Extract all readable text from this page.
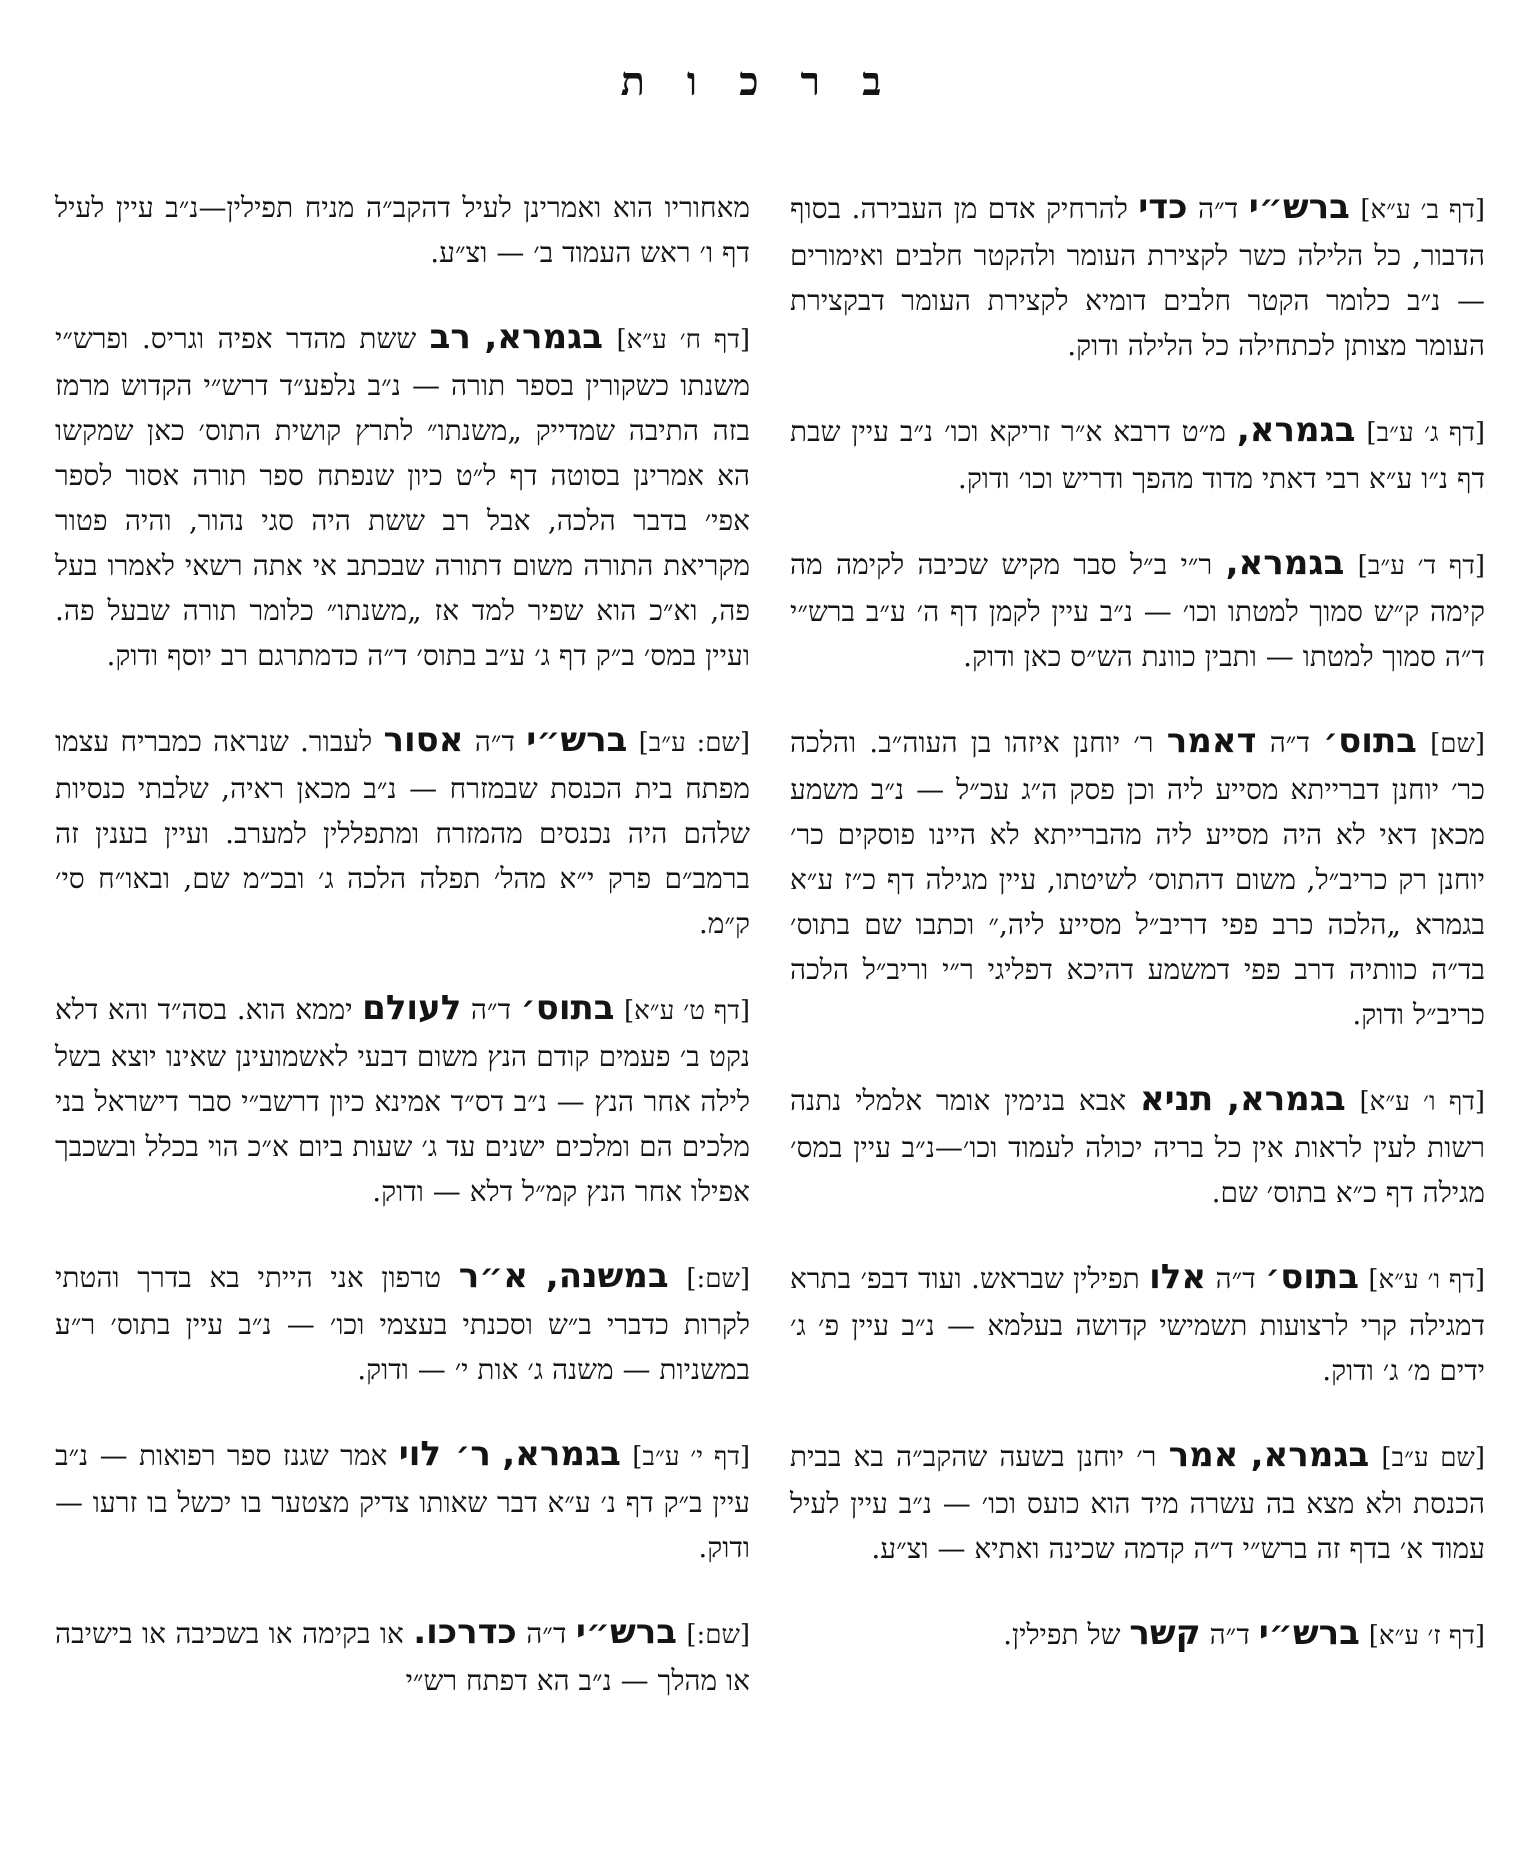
ב ר כ ו ת

[דף ב׳ ע״א] ברש״י ד״ה כדי להרחיק אדם מן העבירה. בסוף הדבור, כל הלילה כשר לקצירת העומר ולהקטר חלבים ואימורים — נ״ב כלומר הקטר חלבים דומיא לקצירת העומר דבקצירת העומר מצותן לכתחילה כל הלילה ודוק.

[דף ג׳ ע״ב] בגמרא, מ״ט דרבא א״ר זריקא וכו׳ נ״ב עיין שבת דף נ״ו ע״א רבי דאתי מדוד מהפך ודריש וכו׳ ודוק.

[דף ד׳ ע״ב] בגמרא, ר״י ב״ל סבר מקיש שכיבה לקימה מה קימה ק״ש סמוך למטתו וכו׳ — נ״ב עיין לקמן דף ה׳ ע״ב ברש״י ד״ה סמוך למטתו — ותבין כוונת הש״ס כאן ודוק.

[שם] בתוס׳ ד״ה דאמר ר׳ יוחנן איזהו בן העוה״ב. והלכה כר׳ יוחנן דברייתא מסייע ליה וכן פסק ה״ג עכ״ל — נ״ב משמע מכאן דאי לא היה מסייע ליה מהברייתא לא היינו פוסקים כר׳ יוחנן רק כריב״ל, משום דהתוס׳ לשיטתו, עיין מגילה דף כ״ז ע״א בגמרא „הלכה כרב פפי דריב״ל מסייע ליה,״ וכתבו שם בתוס׳ בד״ה כוותיה דרב פפי דמשמע דהיכא דפליגי ר״י וריב״ל הלכה כריב״ל ודוק.

[דף ו׳ ע״א] בגמרא, תניא אבא בנימין אומר אלמלי נתנה רשות לעין לראות אין כל בריה יכולה לעמוד וכו׳—נ״ב עיין במס׳ מגילה דף כ״א בתוס׳ שם.

[דף ו׳ ע״א] בתוס׳ ד״ה אלו תפילין שבראש. ועוד דבפ׳ בתרא דמגילה קרי לרצועות תשמישי קדושה בעלמא — נ״ב עיין פ׳ ג׳ ידים מ׳ ג׳ ודוק.

[שם ע״ב] בגמרא, אמר ר׳ יוחנן בשעה שהקב״ה בא בבית הכנסת ולא מצא בה עשרה מיד הוא כועס וכו׳ — נ״ב עיין לעיל עמוד א׳ בדף זה ברש״י ד״ה קדמה שכינה ואתיא — וצ״ע.

[דף ז׳ ע״א] ברש״י ד״ה קשר של תפילין.

מאחוריו הוא ואמרינן לעיל דהקב״ה מניח תפילין—נ״ב עיין לעיל דף ו׳ ראש העמוד ב׳ — וצ״ע.

[דף ח׳ ע״א] בגמרא, רב ששת מהדר אפיה וגריס. ופרש״י משנתו כשקורין בספר תורה — נ״ב נלפע״ד דרש״י הקדוש מרמז בזה התיבה שמדייק „משנתו״ לתרץ קושית התוס׳ כאן שמקשו הא אמרינן בסוטה דף ל״ט כיון שנפתח ספר תורה אסור לספר אפי׳ בדבר הלכה, אבל רב ששת היה סגי נהור, והיה פטור מקריאת התורה משום דתורה שבכתב אי אתה רשאי לאמרו בעל פה, וא״כ הוא שפיר למד אז „משנתו״ כלומר תורה שבעל פה. ועיין במס׳ ב״ק דף ג׳ ע״ב בתוס׳ ד״ה כדמתרגם רב יוסף ודוק.

[שם: ע״ב] ברש״י ד״ה אסור לעבור. שנראה כמבריח עצמו מפתח בית הכנסת שבמזרח — נ״ב מכאן ראיה, שלבתי כנסיות שלהם היה נכנסים מהמזרח ומתפללין למערב. ועיין בענין זה ברמב״ם פרק י״א מהל׳ תפלה הלכה ג׳ ובכ״מ שם, ובאו״ח סי׳ ק״מ.

[דף ט׳ ע״א] בתוס׳ ד״ה לעולם יממא הוא. בסה״ד והא דלא נקט ב׳ פעמים קודם הנץ משום דבעי לאשמועינן שאינו יוצא בשל לילה אחר הנץ — נ״ב דס״ד אמינא כיון דרשב״י סבר דישראל בני מלכים הם ומלכים ישנים עד ג׳ שעות ביום א״כ הוי בכלל ובשכבך אפילו אחר הנץ קמ״ל דלא — ודוק.

[שם:] במשנה, א״ר טרפון אני הייתי בא בדרך והטתי לקרות כדברי ב״ש וסכנתי בעצמי וכו׳ — נ״ב עיין בתוס׳ ר״ע במשניות — משנה ג׳ אות י׳ — ודוק.

[דף י׳ ע״ב] בגמרא, ר׳ לוי אמר שגנז ספר רפואות — נ״ב עיין ב״ק דף נ׳ ע״א דבר שאותו צדיק מצטער בו יכשל בו זרעו — ודוק.

[שם:] ברש״י ד״ה כדרכו. או בקימה או בשכיבה או בישיבה או מהלך — נ״ב הא דפתח רש״י
